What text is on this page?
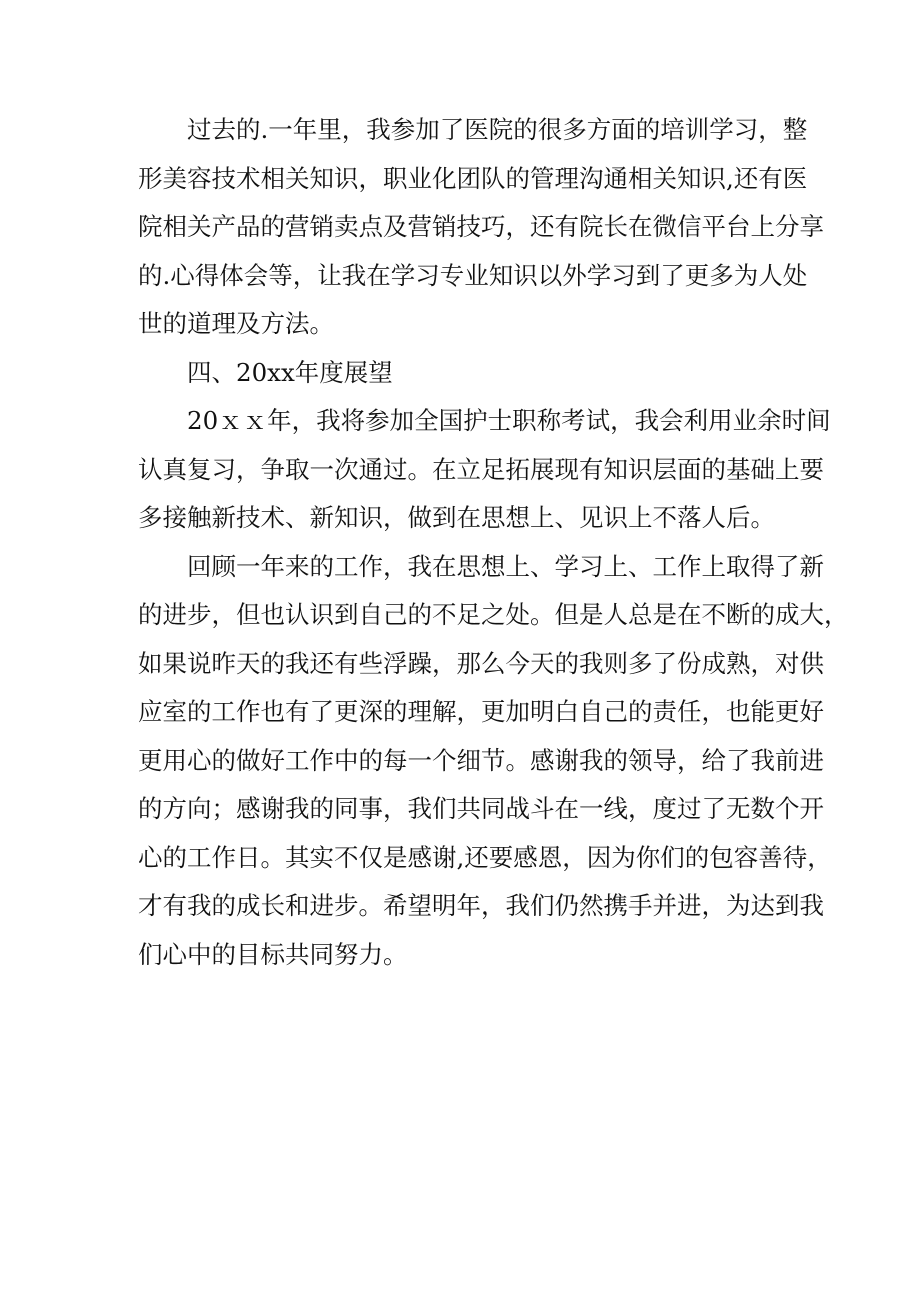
过去的.一年里，我参加了医院的很多方面的培训学习，整
形美容技术相关知识，职业化团队的管理沟通相关知识,还有医
院相关产品的营销卖点及营销技巧，还有院长在微信平台上分享
的.心得体会等，让我在学习专业知识以外学习到了更多为人处
世的道理及方法。

四、20xx年度展望

20ｘｘ年，我将参加全国护士职称考试，我会利用业余时间
认真复习，争取一次通过。在立足拓展现有知识层面的基础上要
多接触新技术、新知识，做到在思想上、见识上不落人后。

回顾一年来的工作，我在思想上、学习上、工作上取得了新
的进步，但也认识到自己的不足之处。但是人总是在不断的成大，
如果说昨天的我还有些浮躁，那么今天的我则多了份成熟，对供
应室的工作也有了更深的理解，更加明白自己的责任，也能更好
更用心的做好工作中的每一个细节。感谢我的领导，给了我前进
的方向；感谢我的同事，我们共同战斗在一线，度过了无数个开
心的工作日。其实不仅是感谢,还要感恩，因为你们的包容善待，
才有我的成长和进步。希望明年，我们仍然携手并进，为达到我
们心中的目标共同努力。
